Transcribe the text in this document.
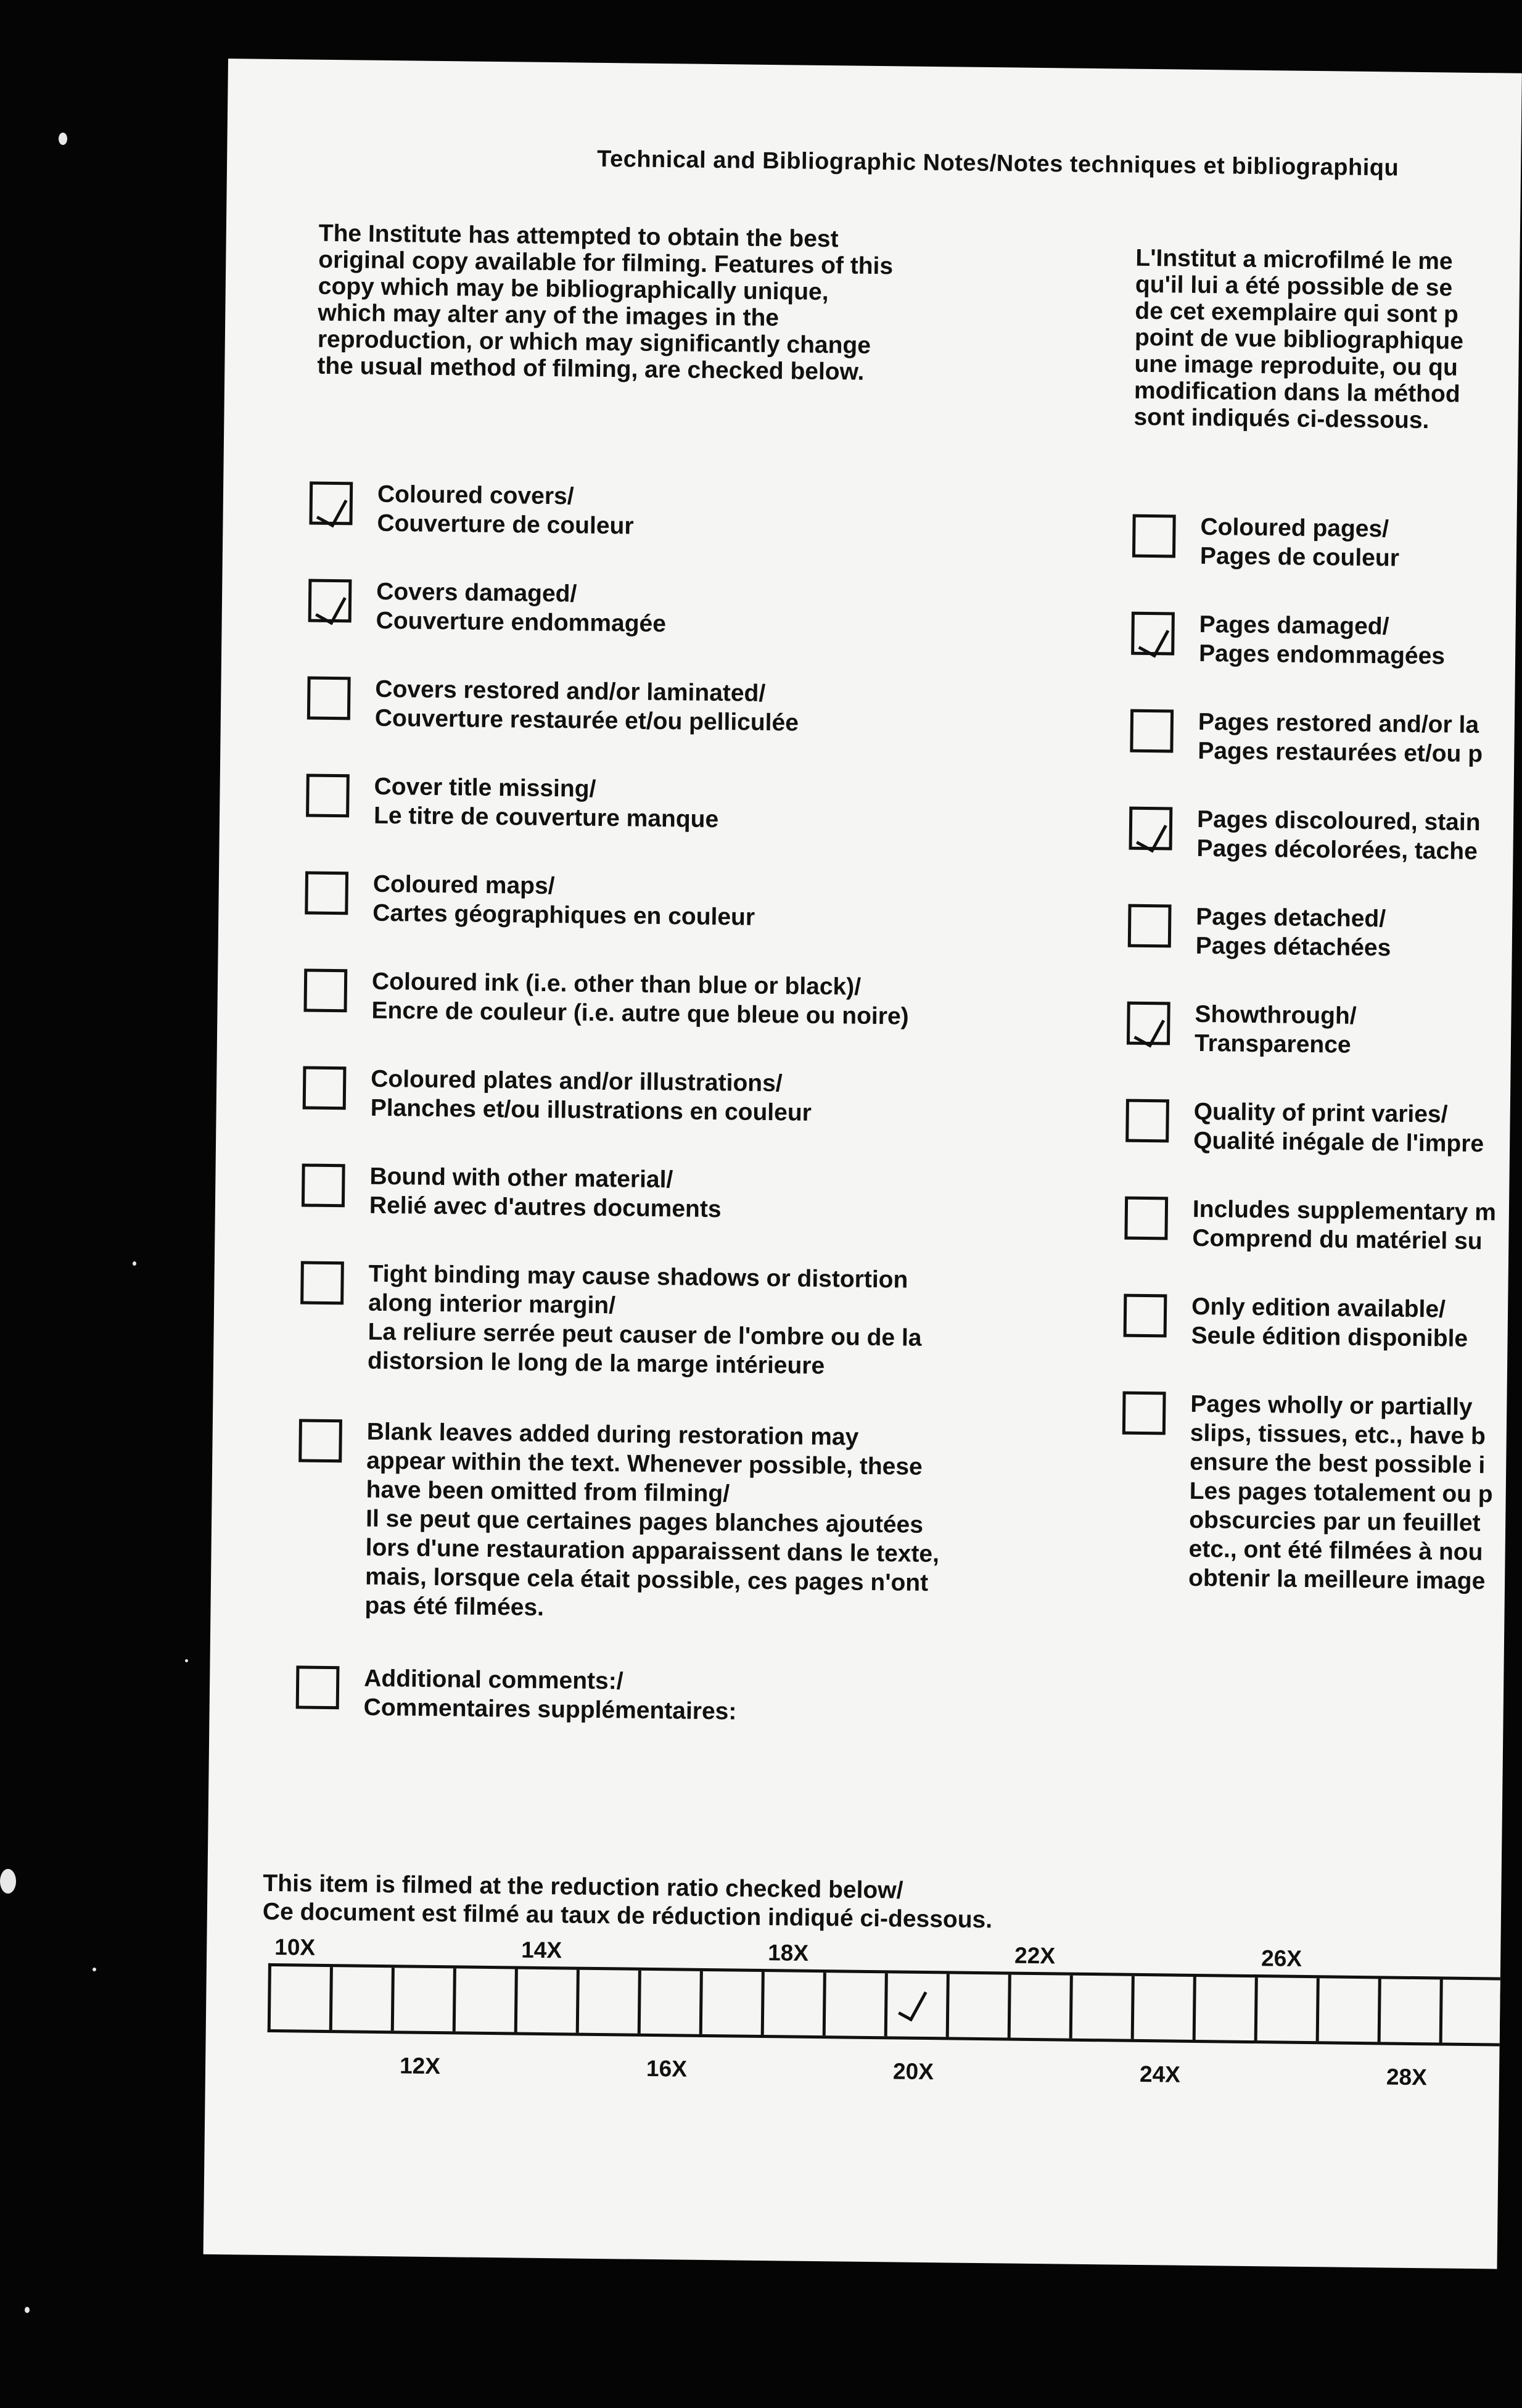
Technical and Bibliographic Notes/Notes techniques et bibliographiqu
The Institute has attempted to obtain the best
original copy available for filming. Features of this
copy which may be bibliographically unique,
which may alter any of the images in the
reproduction, or which may significantly change
the usual method of filming, are checked below.
L'Institut a microfilmé le me
qu'il lui a été possible de se
de cet exemplaire qui sont p
point de vue bibliographique
une image reproduite, ou qu
modification dans la méthod
sont indiqués ci-dessous.
Coloured covers/
Couverture de couleur
Covers damaged/
Couverture endommagée
Covers restored and/or laminated/
Couverture restaurée et/ou pelliculée
Cover title missing/
Le titre de couverture manque
Coloured maps/
Cartes géographiques en couleur
Coloured ink (i.e. other than blue or black)/
Encre de couleur (i.e. autre que bleue ou noire)
Coloured plates and/or illustrations/
Planches et/ou illustrations en couleur
Bound with other material/
Relié avec d'autres documents
Tight binding may cause shadows or distortion
along interior margin/
La reliure serrée peut causer de l'ombre ou de la
distorsion le long de la marge intérieure
Blank leaves added during restoration may
appear within the text. Whenever possible, these
have been omitted from filming/
Il se peut que certaines pages blanches ajoutées
lors d'une restauration apparaissent dans le texte,
mais, lorsque cela était possible, ces pages n'ont
pas été filmées.
Additional comments:/
Commentaires supplémentaires:
Coloured pages/
Pages de couleur
Pages damaged/
Pages endommagées
Pages restored and/or la
Pages restaurées et/ou p
Pages discoloured, stain
Pages décolorées, tache
Pages detached/
Pages détachées
Showthrough/
Transparence
Quality of print varies/
Qualité inégale de l'impre
Includes supplementary m
Comprend du matériel su
Only edition available/
Seule édition disponible
Pages wholly or partially
slips, tissues, etc., have b
ensure the best possible i
Les pages totalement ou p
obscurcies par un feuillet
etc., ont été filmées à nou
obtenir la meilleure image
This item is filmed at the reduction ratio checked below/
Ce document est filmé au taux de réduction indiqué ci-dessous.
10X	14X	18X	22X	26X
12X	16X	20X	24X	28X
